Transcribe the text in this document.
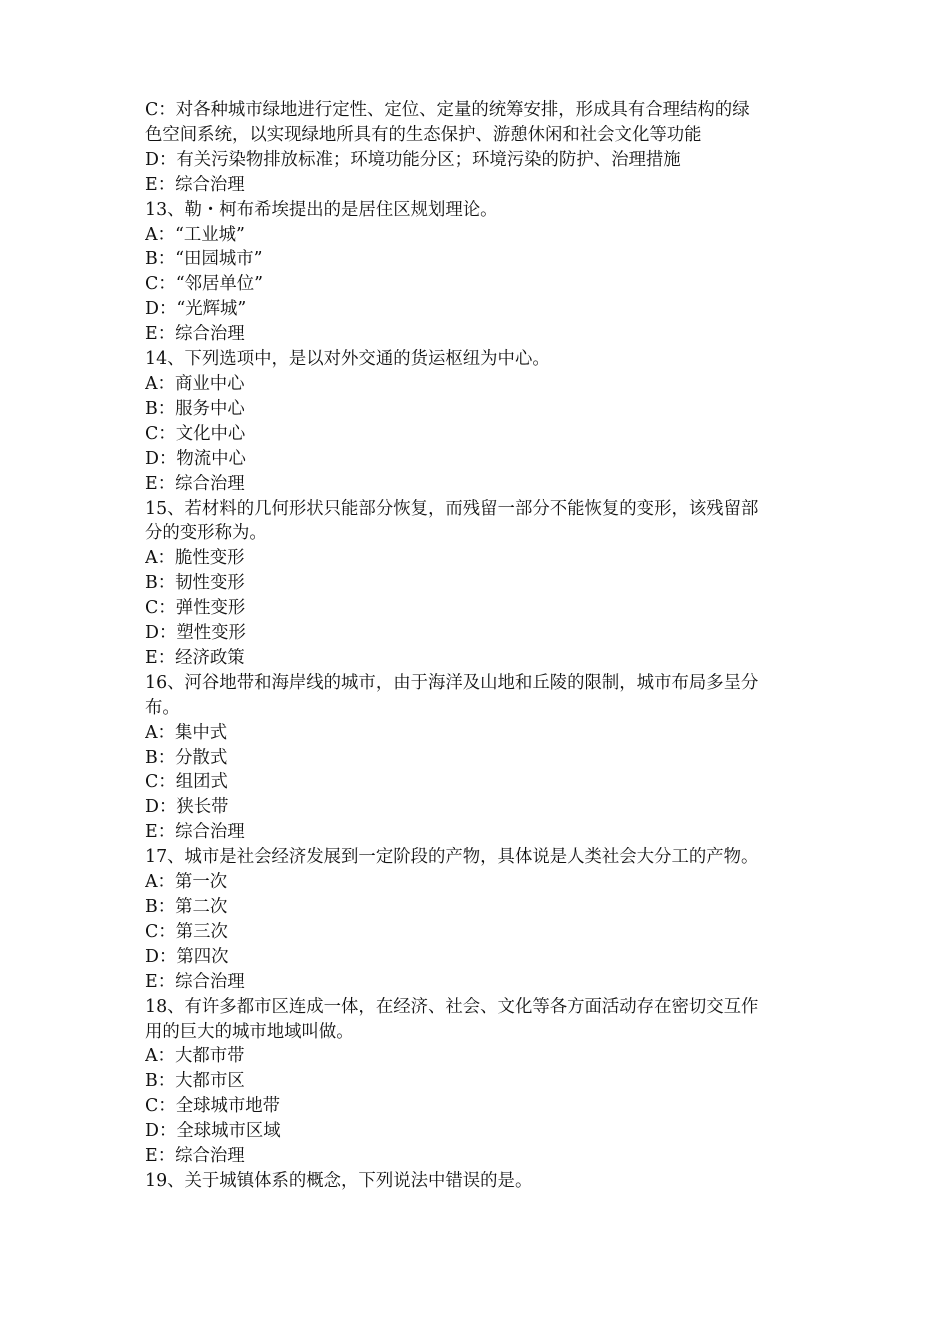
C：对各种城市绿地进行定性、定位、定量的统筹安排，形成具有合理结构的绿
色空间系统，以实现绿地所具有的生态保护、游憩休闲和社会文化等功能
D：有关污染物排放标准；环境功能分区；环境污染的防护、治理措施
E：综合治理
13、勒・柯布希埃提出的是居住区规划理论。
A：“工业城”
B：“田园城市”
C：“邻居单位”
D：“光辉城”
E：综合治理
14、下列选项中，是以对外交通的货运枢纽为中心。
A：商业中心
B：服务中心
C：文化中心
D：物流中心
E：综合治理
15、若材料的几何形状只能部分恢复，而残留一部分不能恢复的变形，该残留部
分的变形称为。
A：脆性变形
B：韧性变形
C：弹性变形
D：塑性变形
E：经济政策
16、河谷地带和海岸线的城市，由于海洋及山地和丘陵的限制，城市布局多呈分
布。
A：集中式
B：分散式
C：组团式
D：狭长带
E：综合治理
17、城市是社会经济发展到一定阶段的产物，具体说是人类社会大分工的产物。
A：第一次
B：第二次
C：第三次
D：第四次
E：综合治理
18、有许多都市区连成一体，在经济、社会、文化等各方面活动存在密切交互作
用的巨大的城市地域叫做。
A：大都市带
B：大都市区
C：全球城市地带
D：全球城市区域
E：综合治理
19、关于城镇体系的概念，下列说法中错误的是。
